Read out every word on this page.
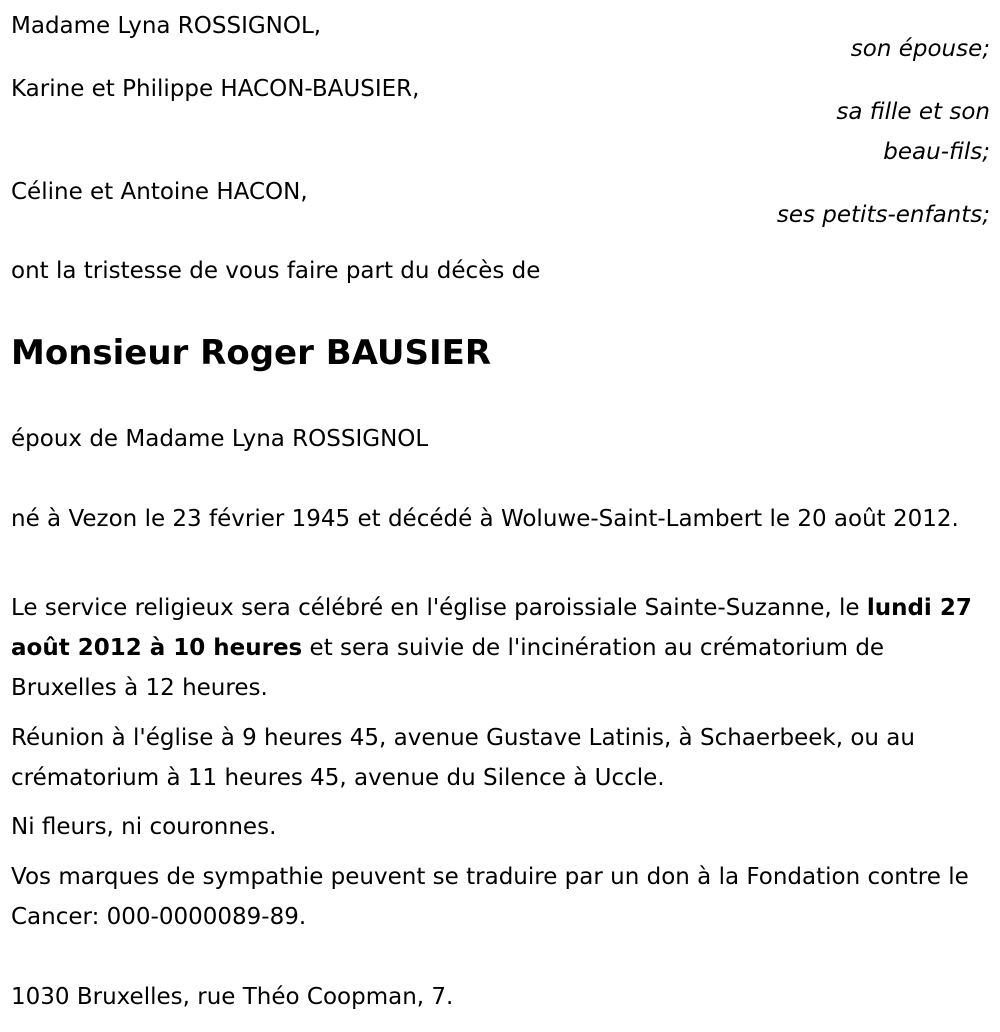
Madame Lyna ROSSIGNOL,
son épouse;
Karine et Philippe HACON-BAUSIER,
sa fille et son
beau-fils;
Céline et Antoine HACON,
ses petits-enfants;
ont la tristesse de vous faire part du décès de
Monsieur Roger BAUSIER
époux de Madame Lyna ROSSIGNOL
né à Vezon le 23 février 1945 et décédé à Woluwe-Saint-Lambert le 20 août 2012.
Le service religieux sera célébré en l'église paroissiale Sainte-Suzanne, le lundi 27 août 2012 à 10 heures et sera suivie de l'incinération au crématorium de Bruxelles à 12 heures.
Réunion à l'église à 9 heures 45, avenue Gustave Latinis, à Schaerbeek, ou au crématorium à 11 heures 45, avenue du Silence à Uccle.
Ni fleurs, ni couronnes.
Vos marques de sympathie peuvent se traduire par un don à la Fondation contre le Cancer: 000-0000089-89.
1030 Bruxelles, rue Théo Coopman, 7.
